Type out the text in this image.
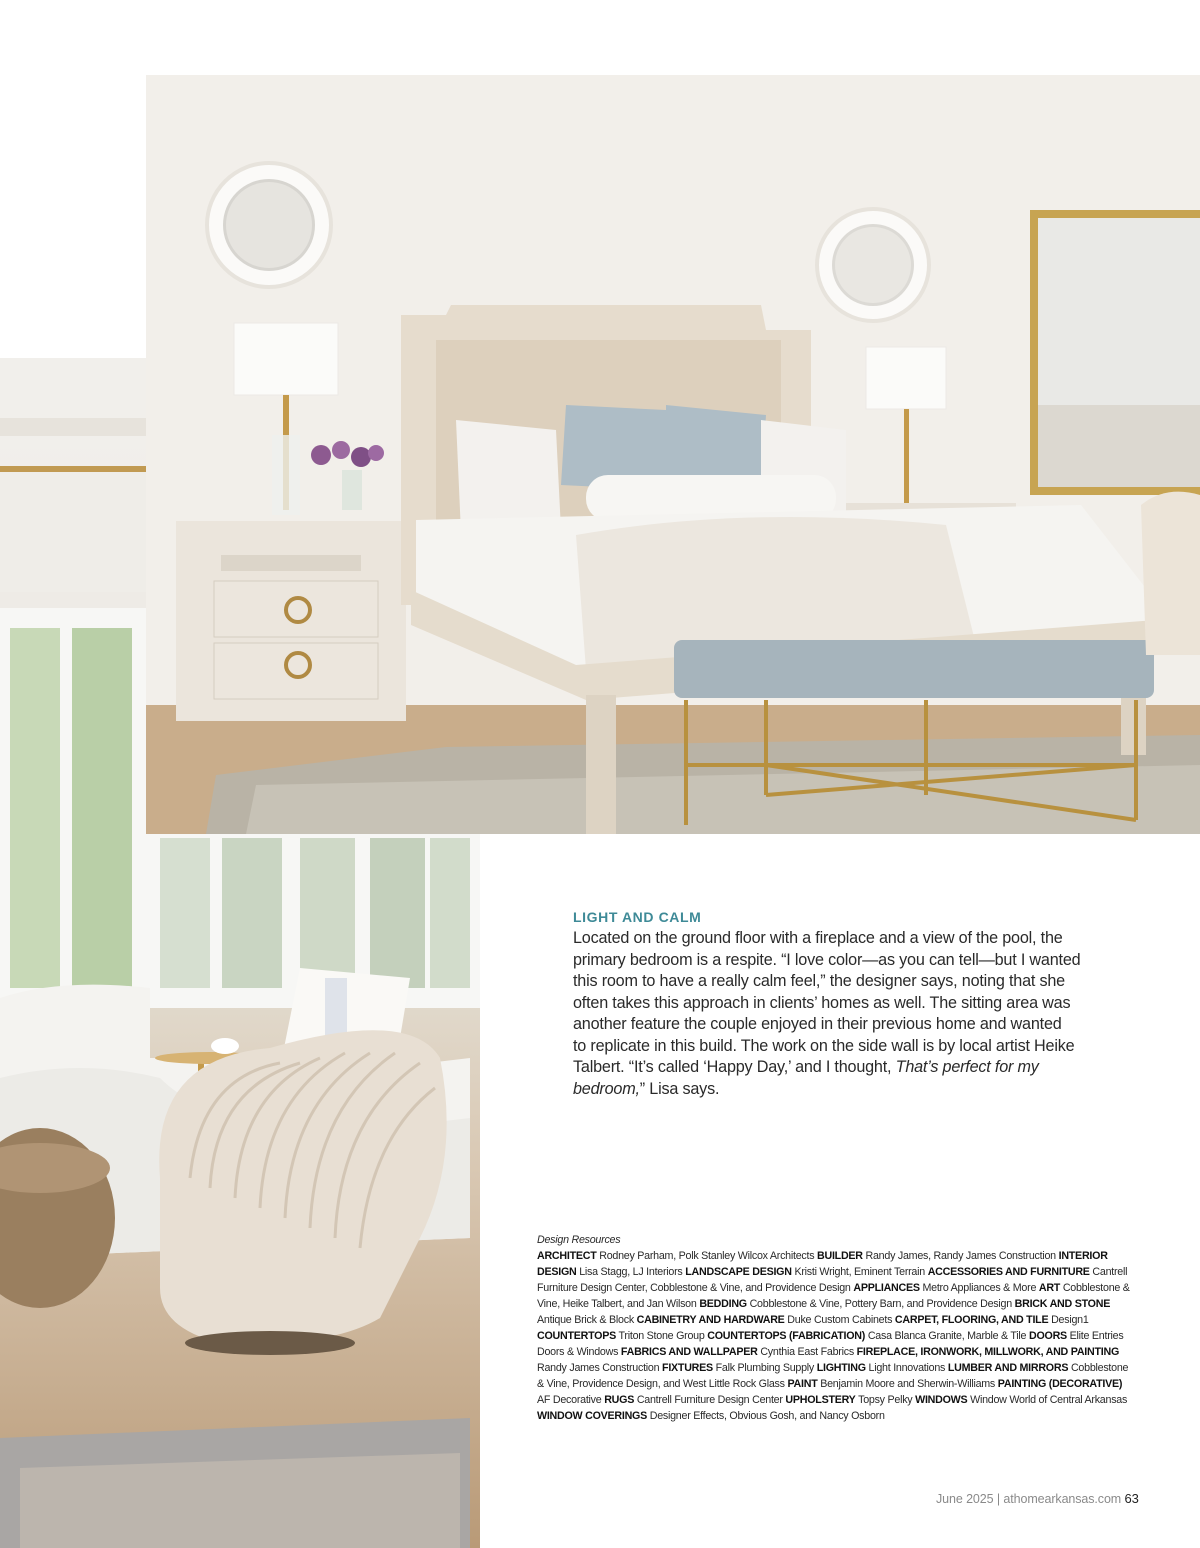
LIGHT AND CALM

Located on the ground floor with a fireplace and a view of the pool, the
primary bedroom is a respite. “I love color—as you can tell—but I wanted
this room to have a really calm feel,” the designer says, noting that she
often takes this approach in clients’ homes as well. The sitting area was
another feature the couple enjoyed in their previous home and wanted
to replicate in this build. The work on the side wall is by local artist Heike
Talbert. “It’s called ‘Happy Day,’ and I thought, That’s perfect for my
bedroom,” Lisa says.

Design Resources
ARCHITECT Rodney Parham, Polk Stanley Wilcox Architects BUILDER Randy James, Randy James Construction INTERIOR DESIGN Lisa Stagg, LJ Interiors LANDSCAPE DESIGN Kristi Wright, Eminent Terrain ACCESSORIES AND FURNITURE Cantrell Furniture Design Center, Cobblestone & Vine, and Providence Design APPLIANCES Metro Appliances & More ART Cobblestone & Vine, Heike Talbert, and Jan Wilson BEDDING Cobblestone & Vine, Pottery Barn, and Providence Design BRICK AND STONE Antique Brick & Block CABINETRY AND HARDWARE Duke Custom Cabinets CARPET, FLOORING, AND TILE Design1 COUNTERTOPS Triton Stone Group COUNTERTOPS (FABRICATION) Casa Blanca Granite, Marble & Tile DOORS Elite Entries Doors & Windows FABRICS AND WALLPAPER Cynthia East Fabrics FIREPLACE, IRONWORK, MILLWORK, AND PAINTING Randy James Construction FIXTURES Falk Plumbing Supply LIGHTING Light Innovations LUMBER AND MIRRORS Cobblestone & Vine, Providence Design, and West Little Rock Glass PAINT Benjamin Moore and Sherwin-Williams PAINTING (DECORATIVE) AF Decorative RUGS Cantrell Furniture Design Center UPHOLSTERY Topsy Pelky WINDOWS Window World of Central Arkansas WINDOW COVERINGS Designer Effects, Obvious Gosh, and Nancy Osborn
June 2025 | athomearkansas.com 63
